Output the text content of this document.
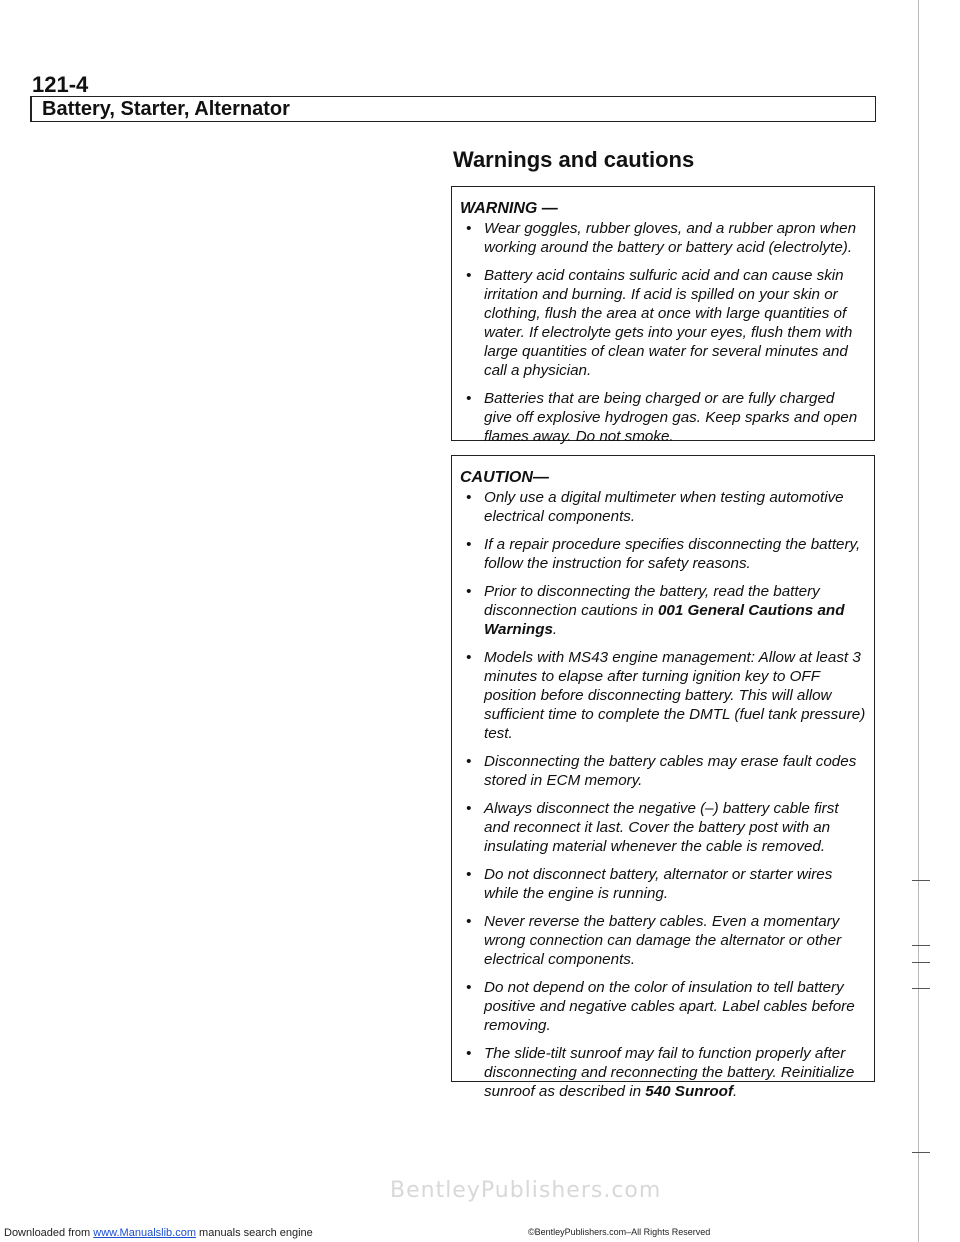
121-4
Battery, Starter, Alternator
Warnings and cautions
WARNING —
• Wear goggles, rubber gloves, and a rubber apron when working around the battery or battery acid (electrolyte).
• Battery acid contains sulfuric acid and can cause skin irritation and burning. If acid is spilled on your skin or clothing, flush the area at once with large quantities of water. If electrolyte gets into your eyes, flush them with large quantities of clean water for several minutes and call a physician.
• Batteries that are being charged or are fully charged give off explosive hydrogen gas. Keep sparks and open flames away. Do not smoke.
CAUTION—
• Only use a digital multimeter when testing automotive electrical components.
• If a repair procedure specifies disconnecting the battery, follow the instruction for safety reasons.
• Prior to disconnecting the battery, read the battery disconnection cautions in 001 General Cautions and Warnings.
• Models with MS43 engine management: Allow at least 3 minutes to elapse after turning ignition key to OFF position before disconnecting battery. This will allow sufficient time to complete the DMTL (fuel tank pressure) test.
• Disconnecting the battery cables may erase fault codes stored in ECM memory.
• Always disconnect the negative (–) battery cable first and reconnect it last. Cover the battery post with an insulating material whenever the cable is removed.
• Do not disconnect battery, alternator or starter wires while the engine is running.
• Never reverse the battery cables. Even a momentary wrong connection can damage the alternator or other electrical components.
• Do not depend on the color of insulation to tell battery positive and negative cables apart. Label cables before removing.
• The slide-tilt sunroof may fail to function properly after disconnecting and reconnecting the battery. Reinitialize sunroof as described in 540 Sunroof.
BentleyPublishers.com
Downloaded from www.Manualslib.com manuals search engine	©BentleyPublishers.com–All Rights Reserved
